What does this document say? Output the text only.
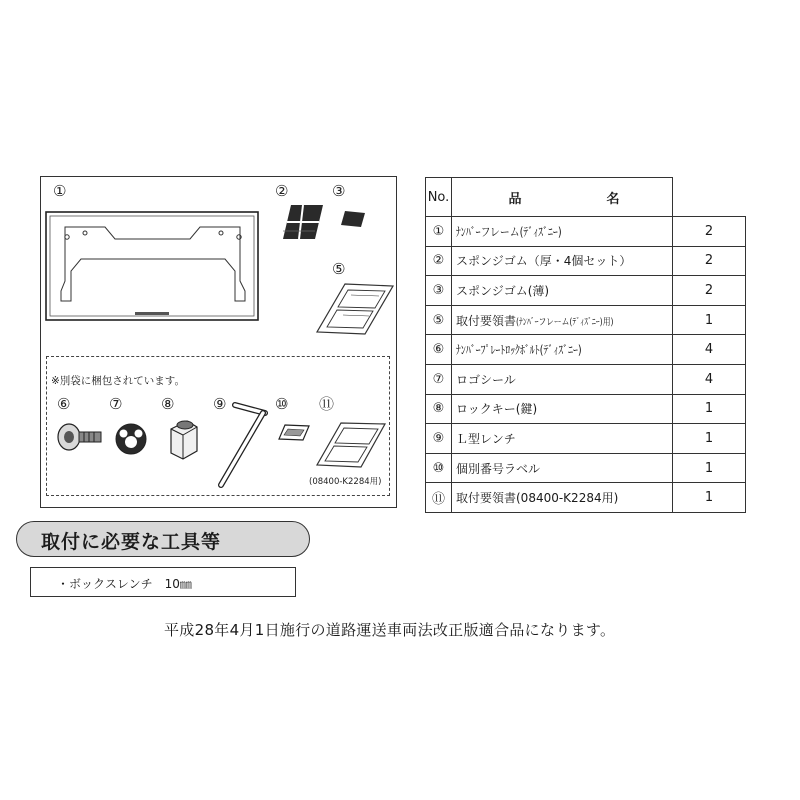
①	②	③
⑤
※別袋に梱包されています。
⑥	⑦	⑧	⑨	⑩ ⑪
(08400-K2284用)
No.	品　名	
①	ﾅﾝﾊﾞｰフレーム(ﾃﾞｨｽﾞﾆｰ)	2
②	スポンジゴム（厚・4個セット）	2
③	スポンジゴム(薄)	2
⑤	取付要領書(ﾅﾝﾊﾞｰフレーム(ﾃﾞｨｽﾞﾆｰ)用)	1
⑥	ﾅﾝﾊﾞｰﾌﾟﾚｰﾄﾛｯｸﾎﾞﾙﾄ(ﾃﾞｨｽﾞﾆｰ)	4
⑦	ロゴシール	4
⑧	ロックキー(鍵)	1
⑨	Ｌ型レンチ	1
⑩	個別番号ラベル	1
⑪	取付要領書(08400-K2284用)	1
取付に必要な工具等
・ボックスレンチ　10㎜
平成28年4月1日施行の道路運送車両法改正版適合品になります。
